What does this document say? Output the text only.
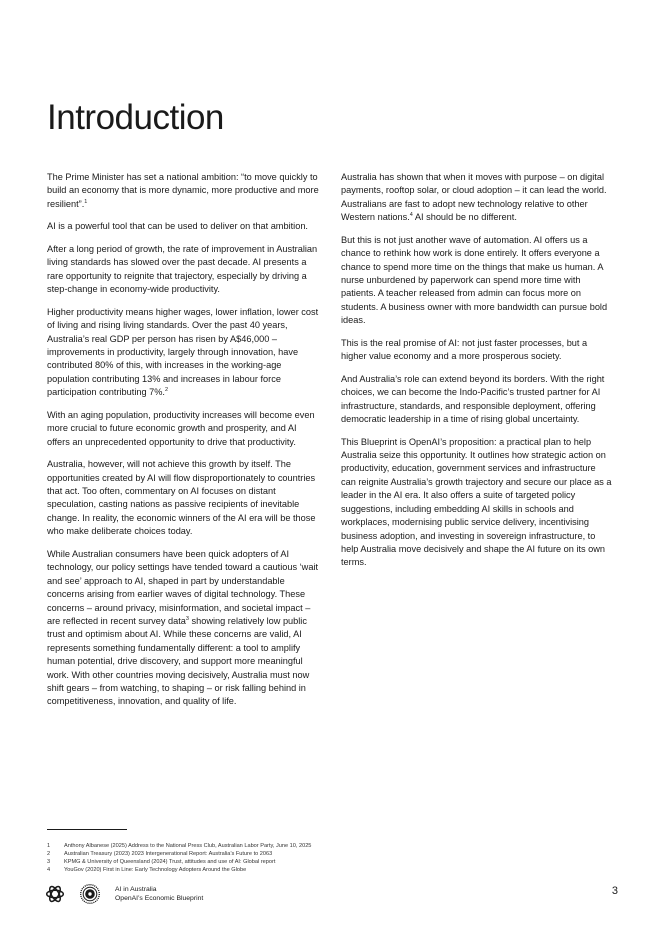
Introduction

The Prime Minister has set a national ambition: “to move quickly to build an economy that is more dynamic, more productive and more resilient”.$^1$

AI is a powerful tool that can be used to deliver on that ambition.

After a long period of growth, the rate of improvement in Australian living standards has slowed over the past decade. AI presents a rare opportunity to reignite that trajectory, especially by driving a step-change in economy-wide productivity.

Higher productivity means higher wages, lower inflation, lower cost of living and rising living standards. Over the past 40 years, Australia’s real GDP per person has risen by A$46,000 – improvements in productivity, largely through innovation, have contributed 80% of this, with increases in the working-age population contributing 13% and increases in labour force participation contributing 7%.$^2$

With an aging population, productivity increases will become even more crucial to future economic growth and prosperity, and AI offers an unprecedented opportunity to drive that productivity.

Australia, however, will not achieve this growth by itself. The opportunities created by AI will flow disproportionately to countries that act. Too often, commentary on AI focuses on distant speculation, casting nations as passive recipients of inevitable change. In reality, the economic winners of the AI era will be those who make deliberate choices today.

While Australian consumers have been quick adopters of AI technology, our policy settings have tended toward a cautious ‘wait and see’ approach to AI, shaped in part by understandable concerns arising from earlier waves of digital technology. These concerns – around privacy, misinformation, and societal impact – are reflected in recent survey data$^3$ showing relatively low public trust and optimism about AI. While these concerns are valid, AI represents something fundamentally different: a tool to amplify human potential, drive discovery, and support more meaningful work. With other countries moving decisively, Australia must now shift gears – from watching, to shaping – or risk falling behind in competitiveness, innovation, and quality of life.

Australia has shown that when it moves with purpose – on digital payments, rooftop solar, or cloud adoption – it can lead the world. Australians are fast to adopt new technology relative to other Western nations.$^4$ AI should be no different.

But this is not just another wave of automation. AI offers us a chance to rethink how work is done entirely. It offers everyone a chance to spend more time on the things that make us human. A nurse unburdened by paperwork can spend more time with patients. A teacher released from admin can focus more on students. A business owner with more bandwidth can pursue bold ideas.

This is the real promise of AI: not just faster processes, but a higher value economy and a more prosperous society.

And Australia’s role can extend beyond its borders. With the right choices, we can become the Indo-Pacific’s trusted partner for AI infrastructure, standards, and responsible deployment, offering democratic leadership in a time of rising global uncertainty.

This Blueprint is OpenAI’s proposition: a practical plan to help Australia seize this opportunity. It outlines how strategic action on productivity, education, government services and infrastructure can reignite Australia’s growth trajectory and secure our place as a leader in the AI era. It also offers a suite of targeted policy suggestions, including embedding AI skills in schools and workplaces, modernising public service delivery, incentivising business adoption, and investing in sovereign infrastructure, to help Australia move decisively and shape the AI future on its own terms.

1	Anthony Albanese (2025) Address to the National Press Club, Australian Labor Party, June 10, 2025
2	Australian Treasury (2023) 2023 Intergenerational Report: Australia’s Future to 2063
3	KPMG & University of Queensland (2024) Trust, attitudes and use of AI: Global report
4	YouGov (2020) First in Line: Early Technology Adopters Around the Globe
AI in Australia
OpenAI’s Economic Blueprint
3
